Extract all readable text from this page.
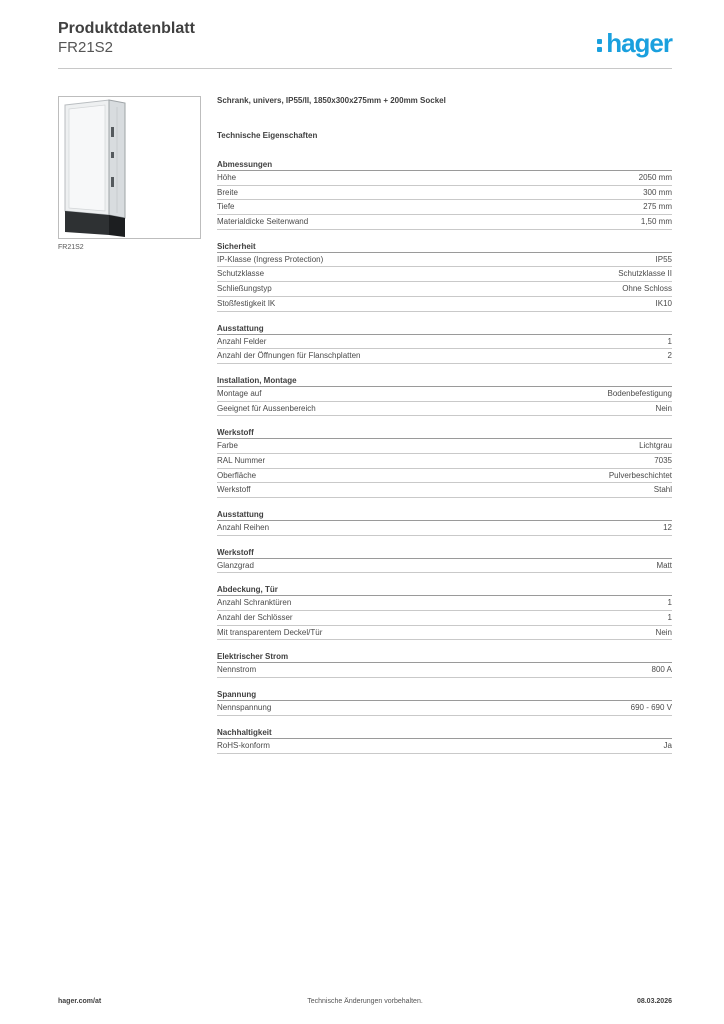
Produktdatenblatt
FR21S2	hager
FR21S2
Schrank, univers, IP55/II, 1850x300x275mm + 200mm Sockel
Technische Eigenschaften
Abmessungen
Höhe	2050 mm
Breite	300 mm
Tiefe	275 mm
Materialdicke Seitenwand	1,50 mm
Sicherheit
IP-Klasse (Ingress Protection)	IP55
Schutzklasse	Schutzklasse II
Schließungstyp	Ohne Schloss
Stoßfestigkeit IK	IK10
Ausstattung
Anzahl Felder	1
Anzahl der Öffnungen für Flanschplatten	2
Installation, Montage
Montage auf	Bodenbefestigung
Geeignet für Aussenbereich	Nein
Werkstoff
Farbe	Lichtgrau
RAL Nummer	7035
Oberfläche	Pulverbeschichtet
Werkstoff	Stahl
Ausstattung
Anzahl Reihen	12
Werkstoff
Glanzgrad	Matt
Abdeckung, Tür
Anzahl Schranktüren	1
Anzahl der Schlösser	1
Mit transparentem Deckel/Tür	Nein
Elektrischer Strom
Nennstrom	800 A
Spannung
Nennspannung	690 - 690 V
Nachhaltigkeit
RoHS-konform	Ja
hager.com/at	Technische Änderungen vorbehalten.	08.03.2026
